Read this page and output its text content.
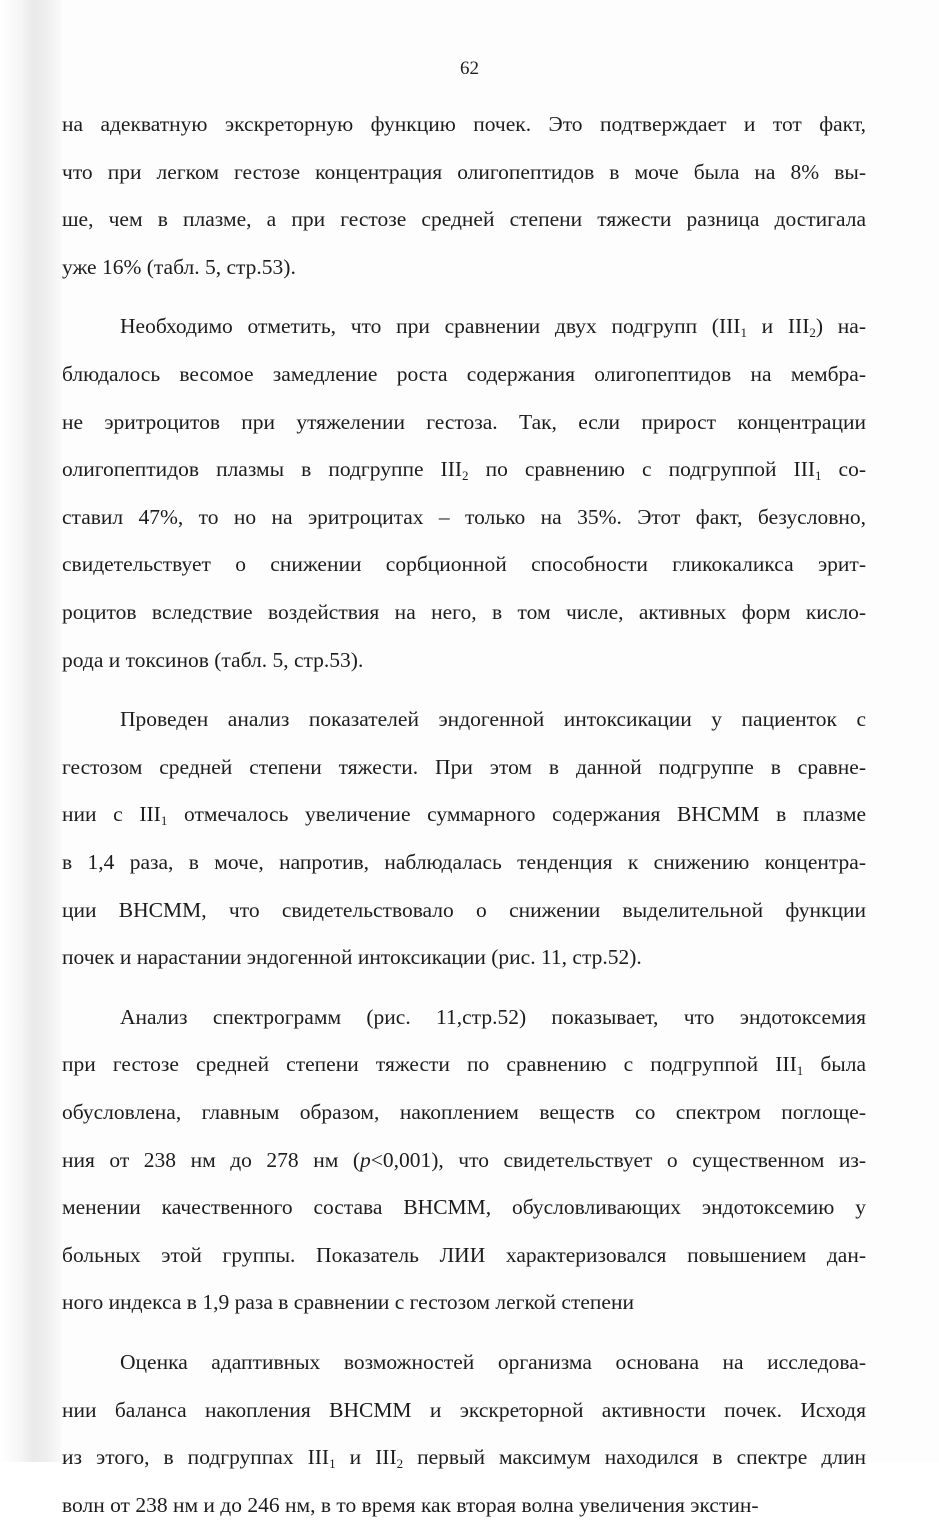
62
на адекватную экскреторную функцию почек. Это подтверждает и тот факт,
что при легком гестозе концентрация олигопептидов в моче была на 8% вы-
ше, чем в плазме, а при гестозе средней степени тяжести разница достигала
уже 16% (табл. 5, стр.53).
Необходимо отметить, что при сравнении двух подгрупп ($III_1$ и $III_2$) на-
блюдалось весомое замедление роста содержания олигопептидов на мембра-
не эритроцитов при утяжелении гестоза. Так, если прирост концентрации
олигопептидов плазмы в подгруппе $III_2$ по сравнению с подгруппой $III_1$ со-
ставил 47%, то но на эритроцитах – только на 35%. Этот факт, безусловно,
свидетельствует о снижении сорбционной способности гликокаликса эрит-
роцитов вследствие воздействия на него, в том числе, активных форм кисло-
рода и токсинов (табл. 5, стр.53).
Проведен анализ показателей эндогенной интоксикации у пациенток с
гестозом средней степени тяжести. При этом в данной подгруппе в сравне-
нии с $III_1$ отмечалось увеличение суммарного содержания ВНСММ в плазме
в 1,4 раза, в моче, напротив, наблюдалась тенденция к снижению концентра-
ции ВНСММ, что свидетельствовало о снижении выделительной функции
почек и нарастании эндогенной интоксикации (рис. 11, стр.52).
Анализ спектрограмм (рис. 11,стр.52) показывает, что эндотоксемия
при гестозе средней степени тяжести по сравнению с подгруппой $III_1$ была
обусловлена, главным образом, накоплением веществ со спектром поглоще-
ния от 238 нм до 278 нм (p<0,001), что свидетельствует о существенном из-
менении качественного состава ВНСММ, обусловливающих эндотоксемию у
больных этой группы. Показатель ЛИИ характеризовался повышением дан-
ного индекса в 1,9 раза в сравнении с гестозом легкой степени
Оценка адаптивных возможностей организма основана на исследова-
нии баланса накопления ВНСММ и экскреторной активности почек. Исходя
из этого, в подгруппах $III_1$ и $III_2$ первый максимум находился в спектре длин
волн от 238 нм и до 246 нм, в то время как вторая волна увеличения экстин-
